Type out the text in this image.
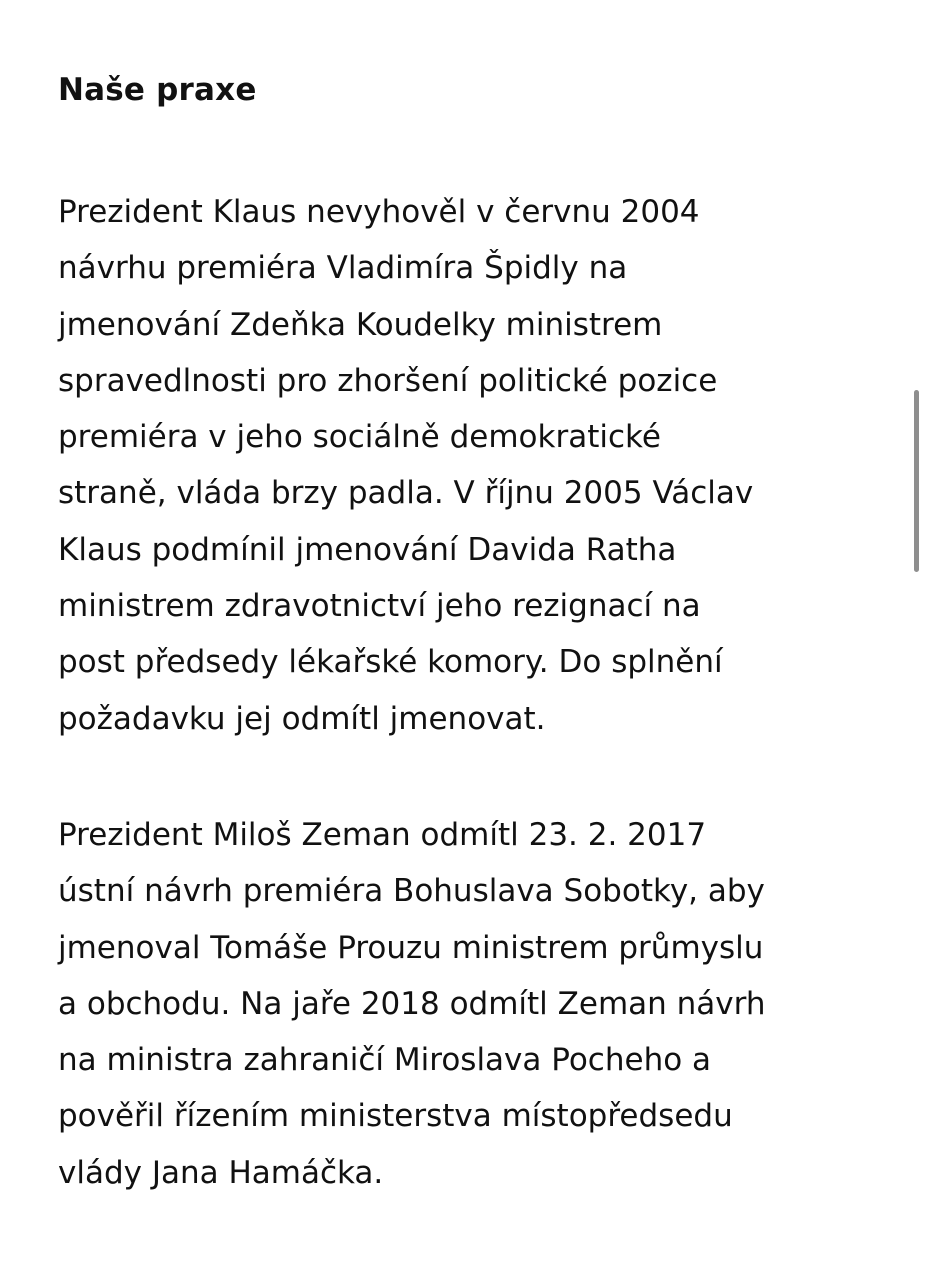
Naše praxe
Prezident Klaus nevyhověl v červnu 2004
návrhu premiéra Vladimíra Špidly na
jmenování Zdeňka Koudelky ministrem
spravedlnosti pro zhoršení politické pozice
premiéra v jeho sociálně demokratické
straně, vláda brzy padla. V říjnu 2005 Václav
Klaus podmínil jmenování Davida Ratha
ministrem zdravotnictví jeho rezignací na
post předsedy lékařské komory. Do splnění
požadavku jej odmítl jmenovat.
Prezident Miloš Zeman odmítl 23. 2. 2017
ústní návrh premiéra Bohuslava Sobotky, aby
jmenoval Tomáše Prouzu ministrem průmyslu
a obchodu. Na jaře 2018 odmítl Zeman návrh
na ministra zahraničí Miroslava Pocheho a
pověřil řízením ministerstva místopředsedu
vlády Jana Hamáčka.
